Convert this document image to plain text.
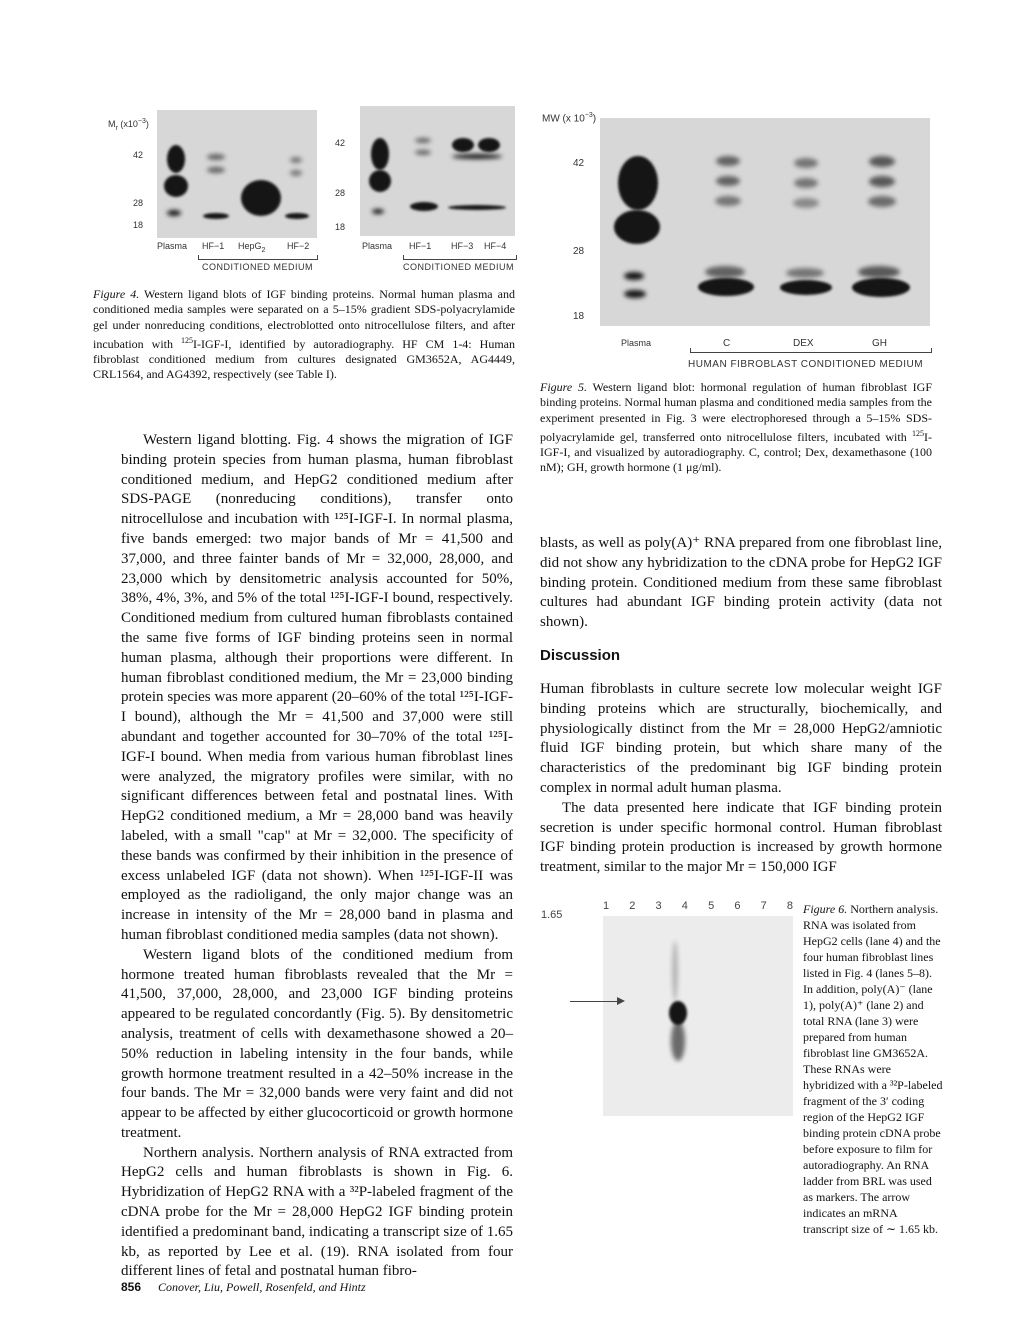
$M_r$ $(x10^{-3})$
42
28
18
Plasma HF−1 HepG$_2$ HF−2
CONDITIONED MEDIUM
42
28
18
Plasma HF−1 HF−3 HF−4
CONDITIONED MEDIUM
Figure 4. Western ligand blots of IGF binding proteins. Normal human plasma and conditioned media samples were separated on a 5–15% gradient SDS-polyacrylamide gel under nonreducing conditions, electroblotted onto nitrocellulose filters, and after incubation with $^{125}$I-IGF-I, identified by autoradiography. HF CM 1-4: Human fibroblast conditioned medium from cultures designated GM3652A, AG4449, CRL1564, and AG4392, respectively (see Table I).
MW (x $10^{-3}$)
42
28
18
Plasma	C	DEX	GH
HUMAN FIBROBLAST CONDITIONED MEDIUM
Figure 5. Western ligand blot: hormonal regulation of human fibroblast IGF binding proteins. Normal human plasma and conditioned media samples from the experiment presented in Fig. 3 were electrophoresed through a 5–15% SDS-polyacrylamide gel, transferred onto nitrocellulose filters, incubated with $^{125}$I-IGF-I, and visualized by autoradiography. C, control; Dex, dexamethasone (100 nM); GH, growth hormone (1 μg/ml).

Western ligand blotting. Fig. 4 shows the migration of IGF binding protein species from human plasma, human fibroblast conditioned medium, and HepG2 conditioned medium after SDS-PAGE (nonreducing conditions), transfer onto nitrocellulose and incubation with ¹²⁵I-IGF-I. In normal plasma, five bands emerged: two major bands of Mr = 41,500 and 37,000, and three fainter bands of Mr = 32,000, 28,000, and 23,000 which by densitometric analysis accounted for 50%, 38%, 4%, 3%, and 5% of the total ¹²⁵I-IGF-I bound, respectively. Conditioned medium from cultured human fibroblasts contained the same five forms of IGF binding proteins seen in normal human plasma, although their proportions were different. In human fibroblast conditioned medium, the Mr = 23,000 binding protein species was more apparent (20–60% of the total ¹²⁵I-IGF-I bound), although the Mr = 41,500 and 37,000 were still abundant and together accounted for 30–70% of the total ¹²⁵I-IGF-I bound. When media from various human fibroblast lines were analyzed, the migratory profiles were similar, with no significant differences between fetal and postnatal lines. With HepG2 conditioned medium, a Mr = 28,000 band was heavily labeled, with a small "cap" at Mr = 32,000. The specificity of these bands was confirmed by their inhibition in the presence of excess unlabeled IGF (data not shown). When ¹²⁵I-IGF-II was employed as the radioligand, the only major change was an increase in intensity of the Mr = 28,000 band in plasma and human fibroblast conditioned media samples (data not shown).

Western ligand blots of the conditioned medium from hormone treated human fibroblasts revealed that the Mr = 41,500, 37,000, 28,000, and 23,000 IGF binding proteins appeared to be regulated concordantly (Fig. 5). By densitometric analysis, treatment of cells with dexamethasone showed a 20–50% reduction in labeling intensity in the four bands, while growth hormone treatment resulted in a 42–50% increase in the four bands. The Mr = 32,000 bands were very faint and did not appear to be affected by either glucocorticoid or growth hormone treatment.

Northern analysis. Northern analysis of RNA extracted from HepG2 cells and human fibroblasts is shown in Fig. 6. Hybridization of HepG2 RNA with a ³²P-labeled fragment of the cDNA probe for the Mr = 28,000 HepG2 IGF binding protein identified a predominant band, indicating a transcript size of 1.65 kb, as reported by Lee et al. (19). RNA isolated from four different lines of fetal and postnatal human fibro-

blasts, as well as poly(A)⁺ RNA prepared from one fibroblast line, did not show any hybridization to the cDNA probe for HepG2 IGF binding protein. Conditioned medium from these same fibroblast cultures had abundant IGF binding protein activity (data not shown).

Discussion

Human fibroblasts in culture secrete low molecular weight IGF binding proteins which are structurally, biochemically, and physiologically distinct from the Mr = 28,000 HepG2/amniotic fluid IGF binding protein, but which share many of the characteristics of the predominant big IGF binding protein complex in normal adult human plasma.

The data presented here indicate that IGF binding protein secretion is under specific hormonal control. Human fibroblast IGF binding protein production is increased by growth hormone treatment, similar to the major Mr = 150,000 IGF

1 2 3 4 5 6 7 8
1.65	Figure 6. Northern analysis. RNA was isolated from HepG2 cells (lane 4) and the four human fibroblast lines listed in Fig. 4 (lanes 5–8). In addition, poly(A)⁻ (lane 1), poly(A)⁺ (lane 2) and total RNA (lane 3) were prepared from human fibroblast line GM3652A. These RNAs were hybridized with a ³²P-labeled fragment of the 3′ coding region of the HepG2 IGF binding protein cDNA probe before exposure to film for autoradiography. An RNA ladder from BRL was used as markers. The arrow indicates an mRNA transcript size of ∼ 1.65 kb.
856 Conover, Liu, Powell, Rosenfeld, and Hintz
